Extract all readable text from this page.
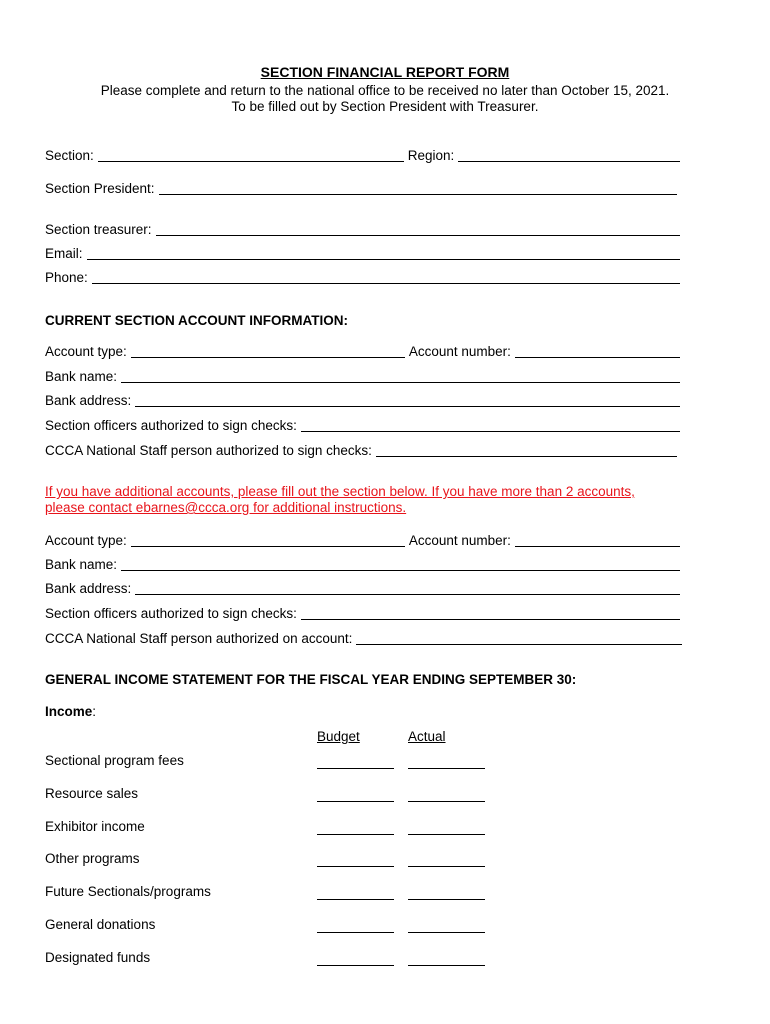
SECTION FINANCIAL REPORT FORM
Please complete and return to the national office to be received no later than October 15, 2021. To be filled out by Section President with Treasurer.
Section:	Region:
Section President:
Section treasurer:
Email:
Phone:
CURRENT SECTION ACCOUNT INFORMATION:
Account type:	Account number:
Bank name:
Bank address:
Section officers authorized to sign checks:
CCCA National Staff person authorized to sign checks:
If you have additional accounts, please fill out the section below. If you have more than 2 accounts, please contact ebarnes@ccca.org for additional instructions.
Account type:	Account number:
Bank name:
Bank address:
Section officers authorized to sign checks:
CCCA National Staff person authorized on account:
GENERAL INCOME STATEMENT FOR THE FISCAL YEAR ENDING SEPTEMBER 30:
Income:
Budget	Actual
Sectional program fees
Resource sales
Exhibitor income
Other programs
Future Sectionals/programs
General donations
Designated funds
